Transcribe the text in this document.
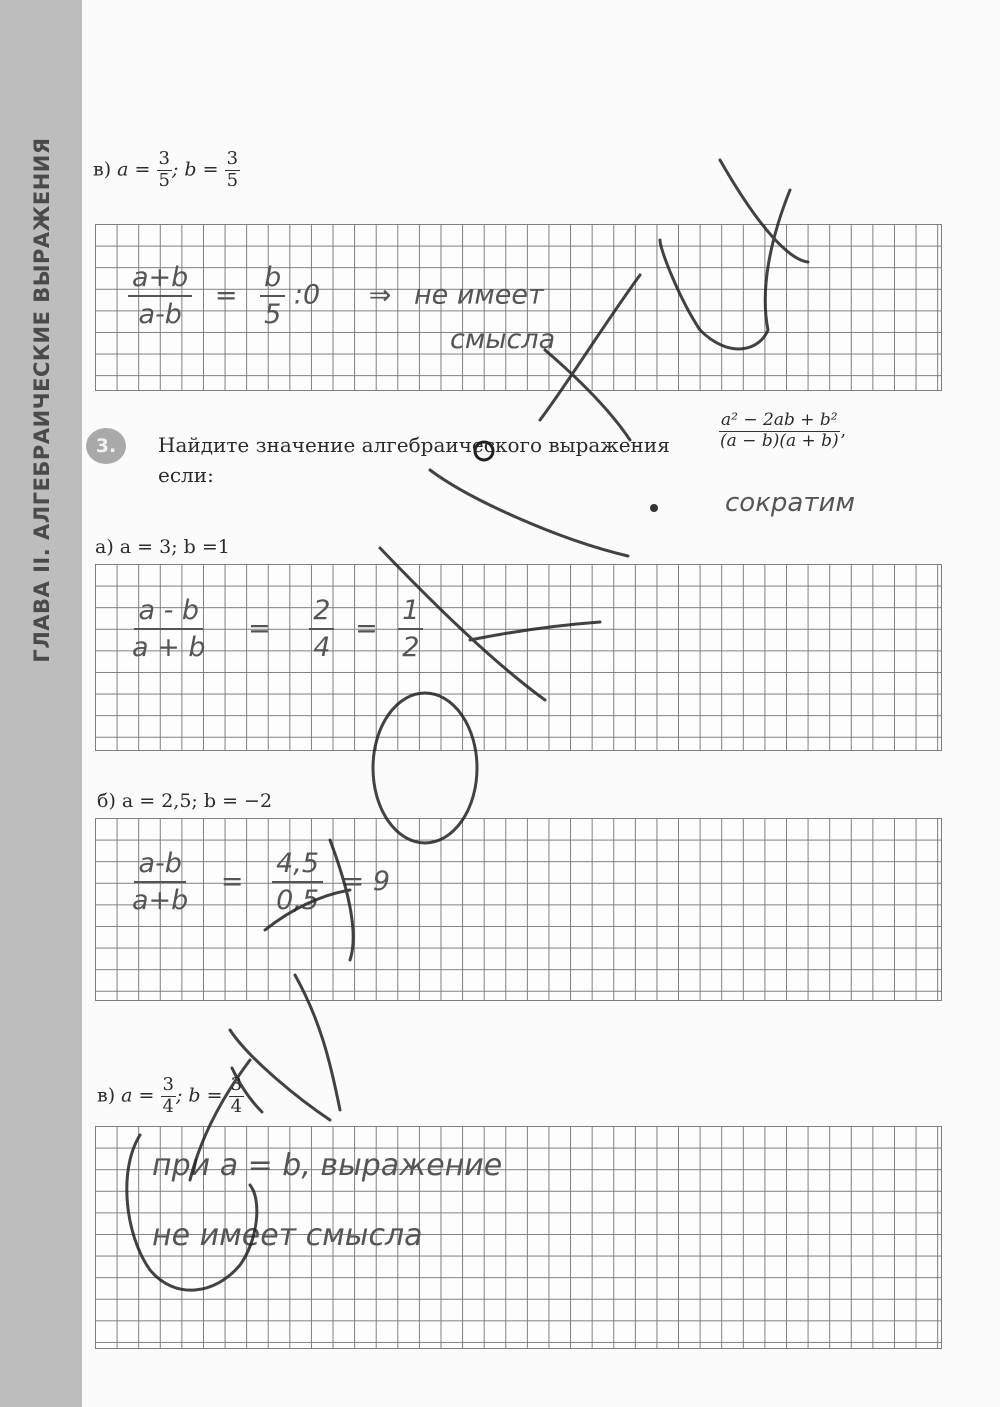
ГЛАВА II. АЛГЕБРАИЧЕСКИЕ ВЫРАЖЕНИЯ в) $a = \frac{3}{5}$ ; $b = \frac{3}{5}$
$\frac{a+b}{a-b} = \frac{b}{5}$ :0 ⇒ не имеет
смысла
3.	Найдите значение алгебраического выражения
если:
$\frac{\text{a² − 2ab + b²}}{(a - b)(a + b)}$ ,
сократим
а) a = 3; b =1
$\frac{a - b}{a + b} = \frac{2}{4} = \frac{1}{2}$
б) a = 2,5; b = −2
$\frac{a-b}{a+b} = \frac{4,5}{0,5} = 9$
в) $a = \frac{3}{4}$ ; $b = \frac{3}{4}$
при a = b, выражение
не имеет смысла
